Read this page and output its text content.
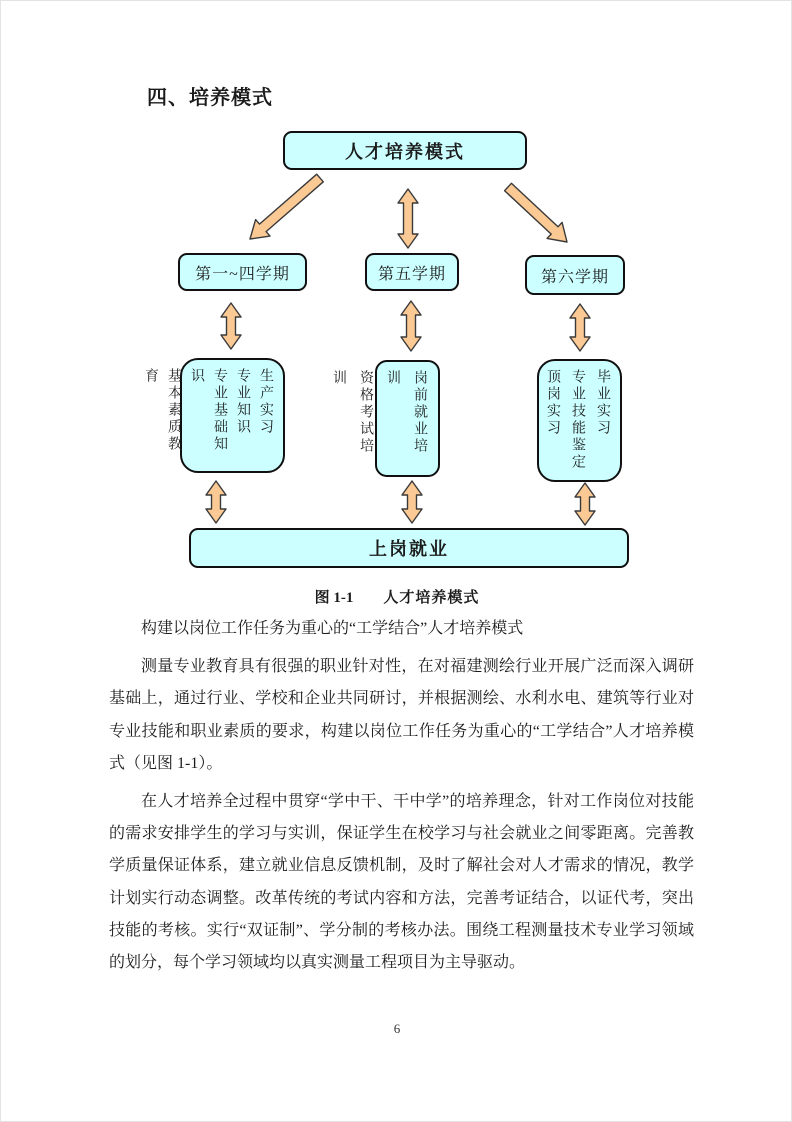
四、培养模式
人才培养模式
第一~四学期	第五学期	第六学期
生产实习
专业知识
专业基础知识
基本素质教育	岗前就业培训
资格考试培训	毕业实习
专业技能鉴定
顶岗实习
上岗就业
图 1-1 人才培养模式

构建以岗位工作任务为重心的“工学结合”人才培养模式

测量专业教育具有很强的职业针对性，在对福建测绘行业开展广泛而深入调研基础上，通过行业、学校和企业共同研讨，并根据测绘、水利水电、建筑等行业对专业技能和职业素质的要求，构建以岗位工作任务为重心的“工学结合”人才培养模式（见图 1-1）。

在人才培养全过程中贯穿“学中干、干中学”的培养理念，针对工作岗位对技能的需求安排学生的学习与实训，保证学生在校学习与社会就业之间零距离。完善教学质量保证体系，建立就业信息反馈机制，及时了解社会对人才需求的情况，教学计划实行动态调整。改革传统的考试内容和方法，完善考证结合，以证代考，突出技能的考核。实行“双证制”、学分制的考核办法。围绕工程测量技术专业学习领域的划分，每个学习领域均以真实测量工程项目为主导驱动。

6
